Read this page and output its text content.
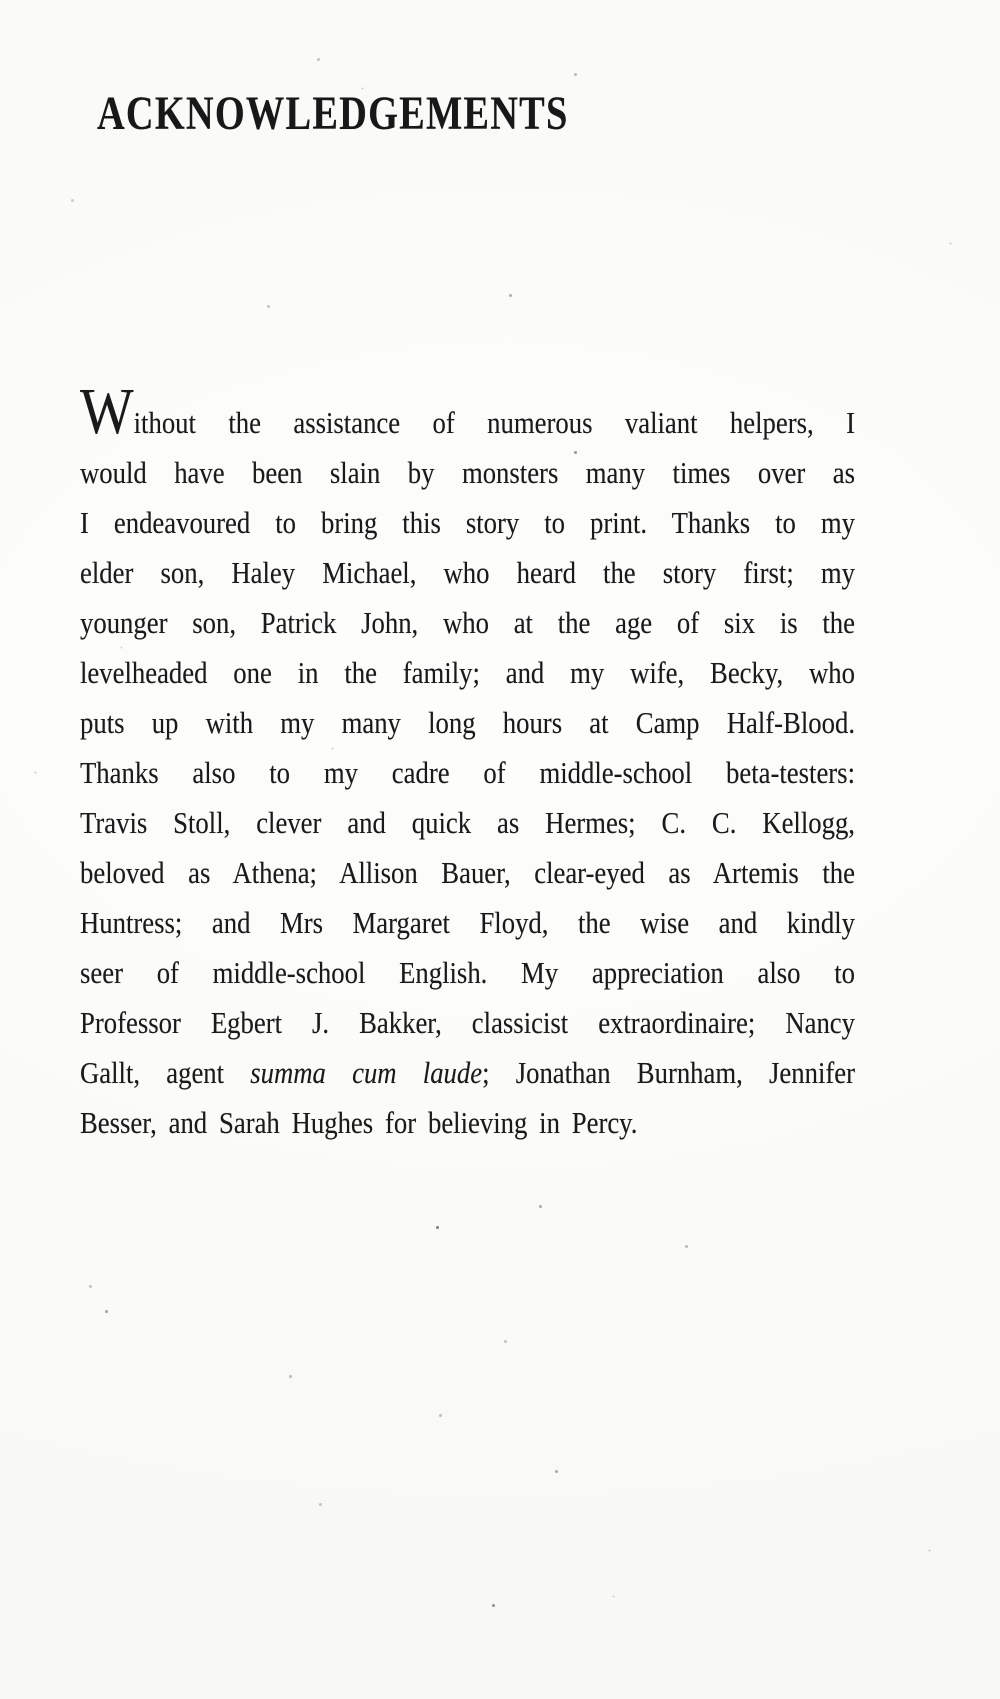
ACKNOWLEDGEMENTS
Without the assistance of numerous valiant helpers, I
would have been slain by monsters many times over as
I endeavoured to bring this story to print. Thanks to my
elder son, Haley Michael, who heard the story first; my
younger son, Patrick John, who at the age of six is the
levelheaded one in the family; and my wife, Becky, who
puts up with my many long hours at Camp Half-Blood.
Thanks also to my cadre of middle-school beta-testers:
Travis Stoll, clever and quick as Hermes; C. C. Kellogg,
beloved as Athena; Allison Bauer, clear-eyed as Artemis the
Huntress; and Mrs Margaret Floyd, the wise and kindly
seer of middle-school English. My appreciation also to
Professor Egbert J. Bakker, classicist extraordinaire; Nancy
Gallt, agent summa cum laude; Jonathan Burnham, Jennifer
Besser, and Sarah Hughes for believing in Percy.
